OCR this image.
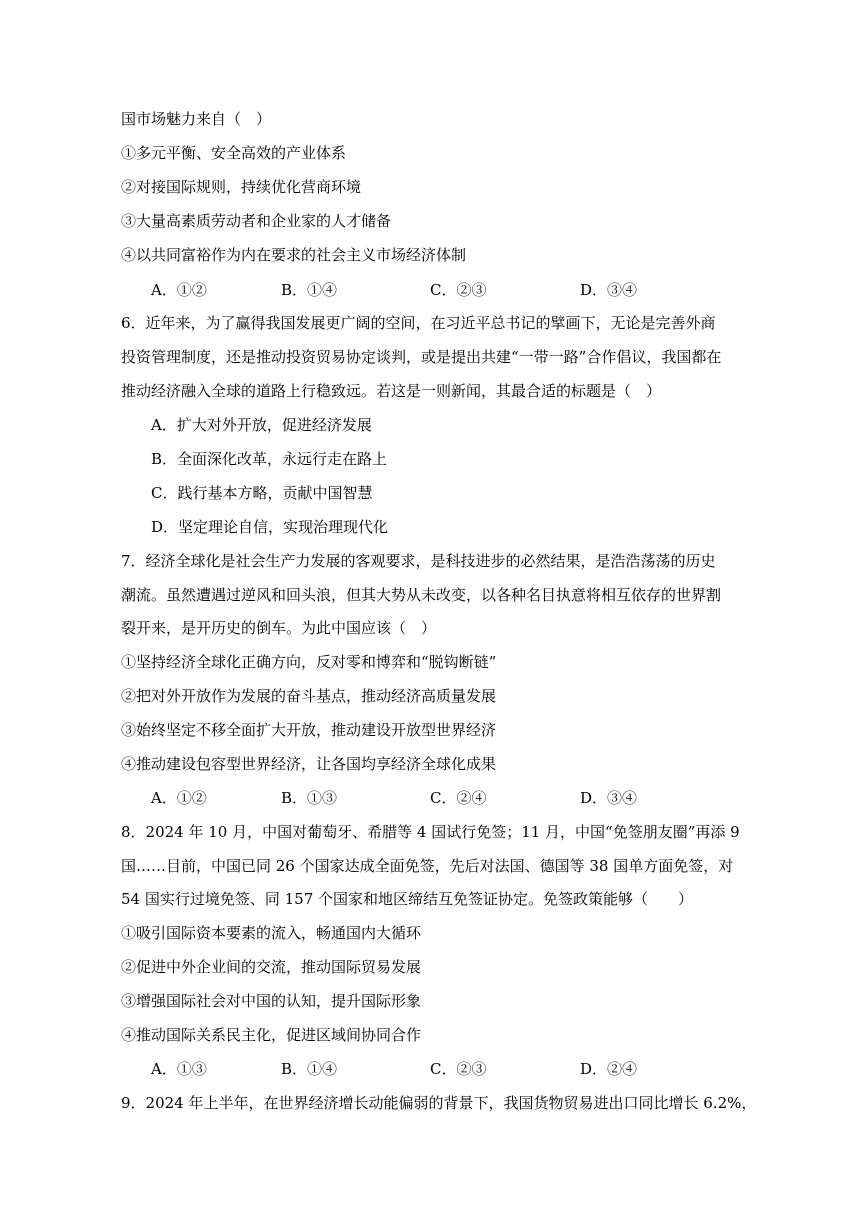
国市场魅力来自（　）
①多元平衡、安全高效的产业体系
②对接国际规则，持续优化营商环境
③大量高素质劳动者和企业家的人才储备
④以共同富裕作为内在要求的社会主义市场经济体制
A．①②	B．①④	C．②③	D．③④
6．近年来，为了赢得我国发展更广阔的空间，在习近平总书记的擘画下，无论是完善外商
投资管理制度，还是推动投资贸易协定谈判，或是提出共建“一带一路”合作倡议，我国都在
推动经济融入全球的道路上行稳致远。若这是一则新闻，其最合适的标题是（　）
A．扩大对外开放，促进经济发展
B．全面深化改革，永远行走在路上
C．践行基本方略，贡献中国智慧
D．坚定理论自信，实现治理现代化
7．经济全球化是社会生产力发展的客观要求，是科技进步的必然结果，是浩浩荡荡的历史
潮流。虽然遭遇过逆风和回头浪，但其大势从未改变，以各种名目执意将相互依存的世界割
裂开来，是开历史的倒车。为此中国应该（　）
①坚持经济全球化正确方向，反对零和博弈和“脱钩断链”
②把对外开放作为发展的奋斗基点，推动经济高质量发展
③始终坚定不移全面扩大开放，推动建设开放型世界经济
④推动建设包容型世界经济，让各国均享经济全球化成果
A．①②	B．①③	C．②④	D．③④
8．2024 年 10 月，中国对葡萄牙、希腊等 4 国试行免签；11 月，中国“免签朋友圈”再添 9
国……目前，中国已同 26 个国家达成全面免签，先后对法国、德国等 38 国单方面免签，对
54 国实行过境免签、同 157 个国家和地区缔结互免签证协定。免签政策能够（　　）
①吸引国际资本要素的流入，畅通国内大循环
②促进中外企业间的交流，推动国际贸易发展
③增强国际社会对中国的认知，提升国际形象
④推动国际关系民主化，促进区域间协同合作
A．①③	B．①④	C．②③	D．②④
9．2024 年上半年，在世界经济增长动能偏弱的背景下，我国货物贸易进出口同比增长 6.2%，
